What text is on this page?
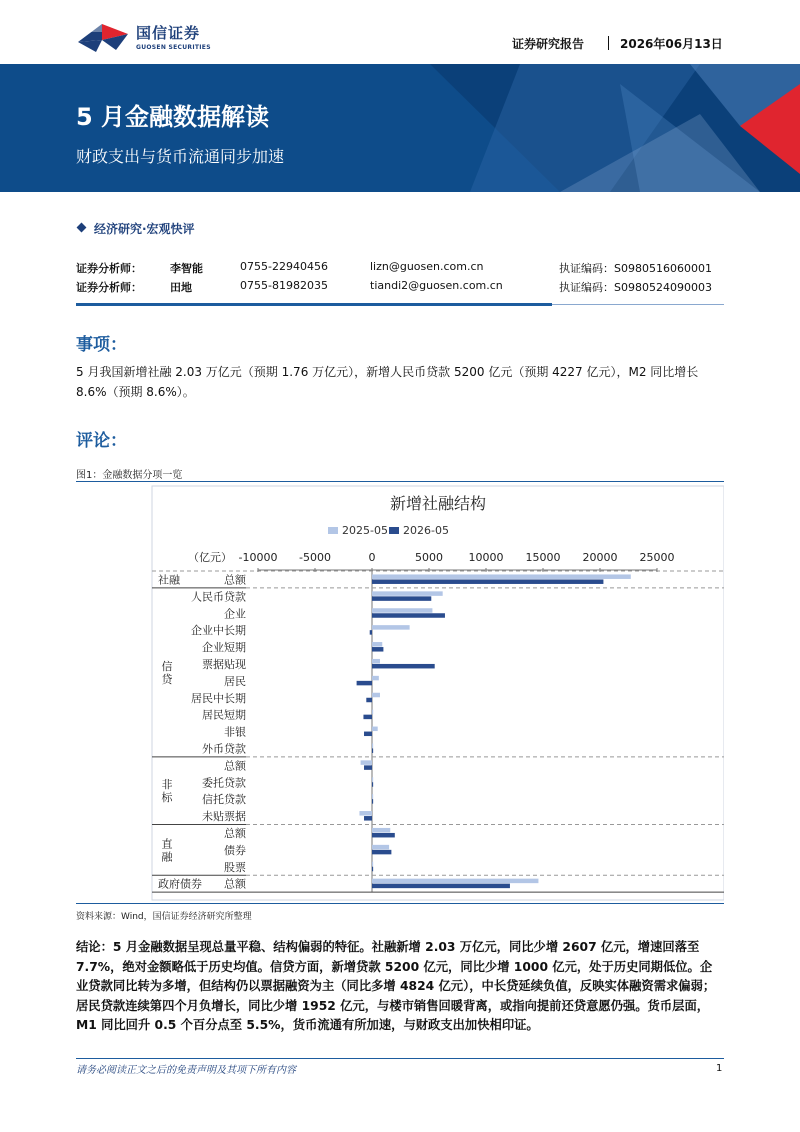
国信证券
GUOSEN SECURITIES	证券研究报告	2026年06月13日
5 月金融数据解读
财政支出与货币流通同步加速
经济研究·宏观快评
证券分析师：	李智能	0755-22940456	lizn@guosen.com.cn	执证编码：S0980516060001
证券分析师：	田地	0755-81982035	tiandi2@guosen.com.cn	执证编码：S0980524090003
事项：
5 月我国新增社融 2.03 万亿元（预期 1.76 万亿元），新增人民币贷款 5200 亿元（预期 4227 亿元），M2 同比增长 8.6%（预期 8.6%）。
评论：
图1：金融数据分项一览
新增社融结构
2025-05 2026-05
（亿元） -10000 -5000	0	5000 10000 15000 20000 25000
总额
人民币贷款
企业
企业中长期
企业短期
票据贴现
居民
居民中长期
居民短期
非银
外币贷款
总额
委托贷款
信托贷款
未贴票据
总额
债券
股票
总额
社融
信
贷
非
标
直
融
政府债券
资料来源：Wind，国信证券经济研究所整理
结论：5 月金融数据呈现总量平稳、结构偏弱的特征。社融新增 2.03 万亿元，同比少增 2607 亿元，增速回落至 7.7%，绝对金额略低于历史均值。信贷方面，新增贷款 5200 亿元，同比少增 1000 亿元，处于历史同期低位。企业贷款同比转为多增，但结构仍以票据融资为主（同比多增 4824 亿元），中长贷延续负值，反映实体融资需求偏弱；居民贷款连续第四个月负增长，同比少增 1952 亿元，与楼市销售回暖背离，或指向提前还贷意愿仍强。货币层面，M1 同比回升 0.5 个百分点至 5.5%，货币流通有所加速，与财政支出加快相印证。
请务必阅读正文之后的免责声明及其项下所有内容	1
